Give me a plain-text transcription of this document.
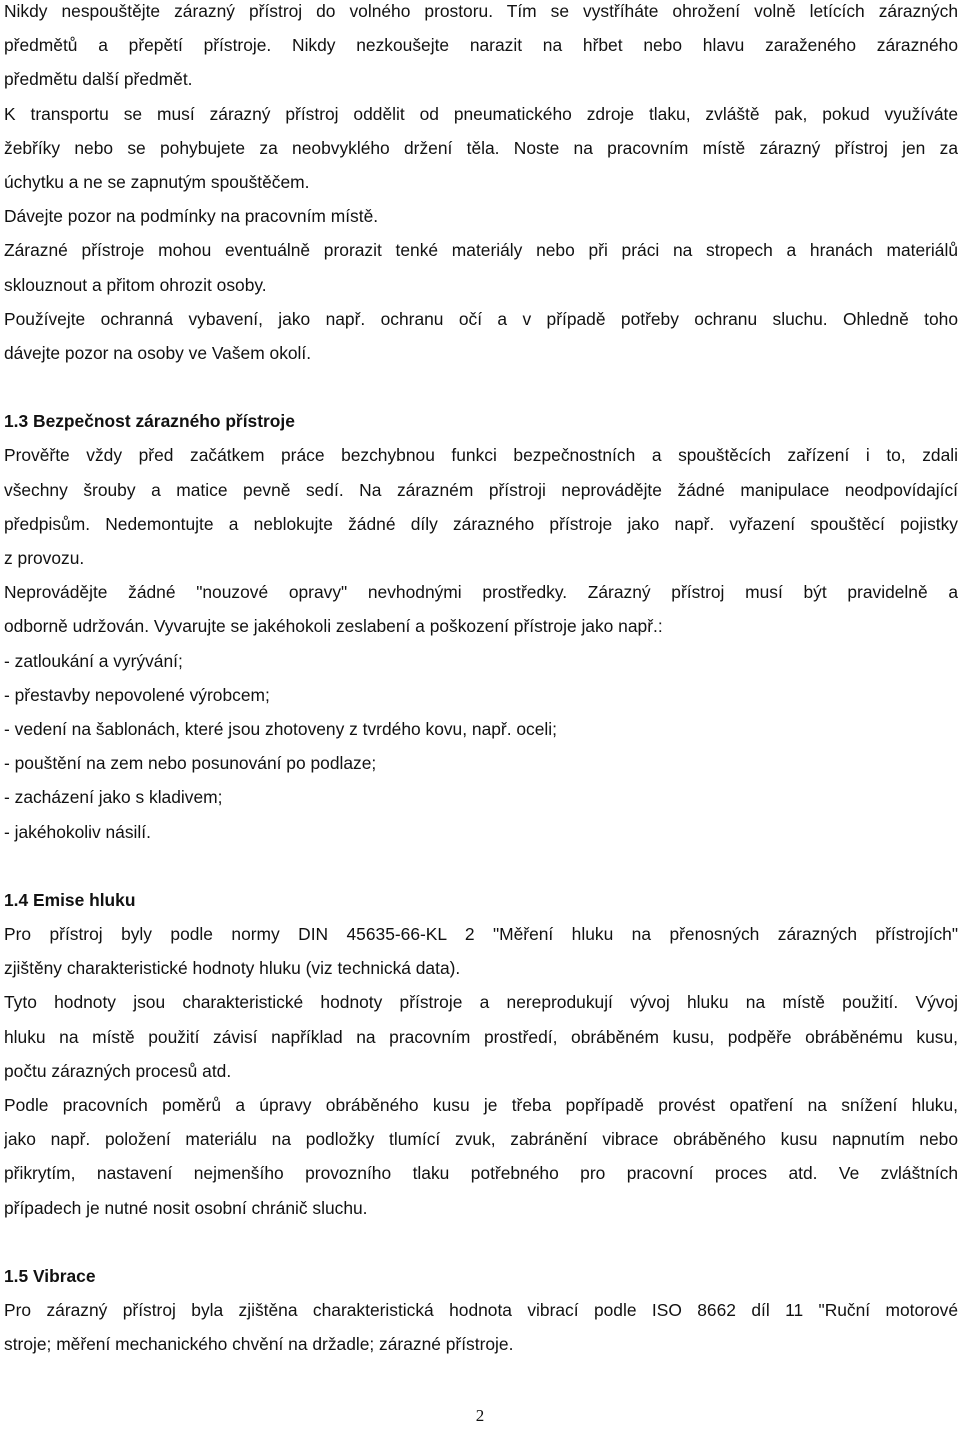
Nikdy nespouštějte zárazný přístroj do volného prostoru. Tím se vystříháte ohrožení volně letících zárazných
předmětů a přepětí přístroje. Nikdy nezkoušejte narazit na hřbet nebo hlavu zaraženého zárazného
předmětu další předmět.
K transportu se musí zárazný přístroj oddělit od pneumatického zdroje tlaku, zvláště pak, pokud využíváte
žebříky nebo se pohybujete za neobvyklého držení těla. Noste na pracovním místě zárazný přístroj jen za
úchytku a ne se zapnutým spouštěčem.
Dávejte pozor na podmínky na pracovním místě.
Zárazné přístroje mohou eventuálně prorazit tenké materiály nebo při práci na stropech a hranách materiálů
sklouznout a přitom ohrozit osoby.
Používejte ochranná vybavení, jako např. ochranu očí a v případě potřeby ochranu sluchu. Ohledně toho
dávejte pozor na osoby ve Vašem okolí.
1.3 Bezpečnost zárazného přístroje
Prověřte vždy před začátkem práce bezchybnou funkci bezpečnostních a spouštěcích zařízení i to, zdali
všechny šrouby a matice pevně sedí. Na zárazném přístroji neprovádějte žádné manipulace neodpovídající
předpisům. Nedemontujte a neblokujte žádné díly zárazného přístroje jako např. vyřazení spouštěcí pojistky
z provozu.
Neprovádějte žádné "nouzové opravy" nevhodnými prostředky. Zárazný přístroj musí být pravidelně a
odborně udržován. Vyvarujte se jakéhokoli zeslabení a poškození přístroje jako např.:
- zatloukání a vyrývání;
- přestavby nepovolené výrobcem;
- vedení na šablonách, které jsou zhotoveny z tvrdého kovu, např. oceli;
- pouštění na zem nebo posunování po podlaze;
- zacházení jako s kladivem;
- jakéhokoliv násilí.
1.4 Emise hluku
Pro přístroj byly podle normy DIN 45635-66-KL 2 "Měření hluku na přenosných zárazných přístrojích"
zjištěny charakteristické hodnoty hluku (viz technická data).
Tyto hodnoty jsou charakteristické hodnoty přístroje a nereprodukují vývoj hluku na místě použití. Vývoj
hluku na místě použití závisí například na pracovním prostředí, obráběném kusu, podpěře obráběnému kusu,
počtu zárazných procesů atd.
Podle pracovních poměrů a úpravy obráběného kusu je třeba popřípadě provést opatření na snížení hluku,
jako např. položení materiálu na podložky tlumící zvuk, zabránění vibrace obráběného kusu napnutím nebo
přikrytím, nastavení nejmenšího provozního tlaku potřebného pro pracovní proces atd. Ve zvláštních
případech je nutné nosit osobní chránič sluchu.
1.5 Vibrace
Pro zárazný přístroj byla zjištěna charakteristická hodnota vibrací podle ISO 8662 díl 11 "Ruční motorové
stroje; měření mechanického chvění na držadle; zárazné přístroje.
2
